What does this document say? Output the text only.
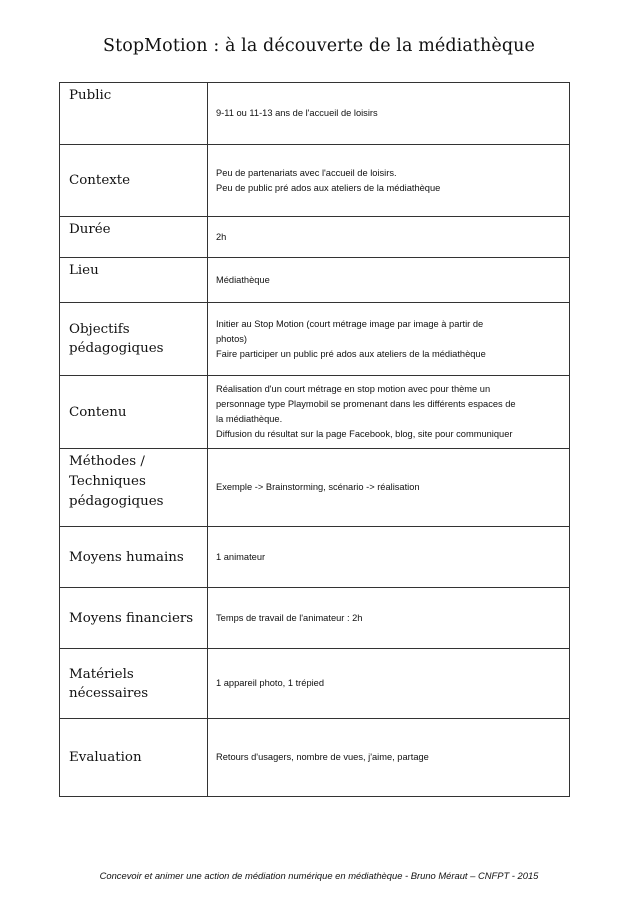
StopMotion : à la découverte de la médiathèque
Public	9-11 ou 11-13 ans de l'accueil de loisirs

Contexte	Peu de partenariats avec l'accueil de loisirs.
Peu de public pré ados aux ateliers de la médiathèque

Durée	2h

Lieu	Médiathèque

Objectifs
pédagogiques	Initier au Stop Motion (court métrage image par image à partir de
photos)
Faire participer un public pré ados aux ateliers de la médiathèque

Contenu	Réalisation d'un court métrage en stop motion avec pour thème un
personnage type Playmobil se promenant dans les différents espaces de
la médiathèque.
Diffusion du résultat sur la page Facebook, blog, site pour communiquer

Méthodes /
Techniques
pédagogiques	Exemple -> Brainstorming, scénario -> réalisation

Moyens humains	1 animateur

Moyens financiers	Temps de travail de l'animateur : 2h

Matériels nécessaires	1 appareil photo, 1 trépied

Evaluation	Retours d'usagers, nombre de vues, j'aime, partage
Concevoir et animer une action de médiation numérique en médiathèque - Bruno Méraut – CNFPT - 2015
